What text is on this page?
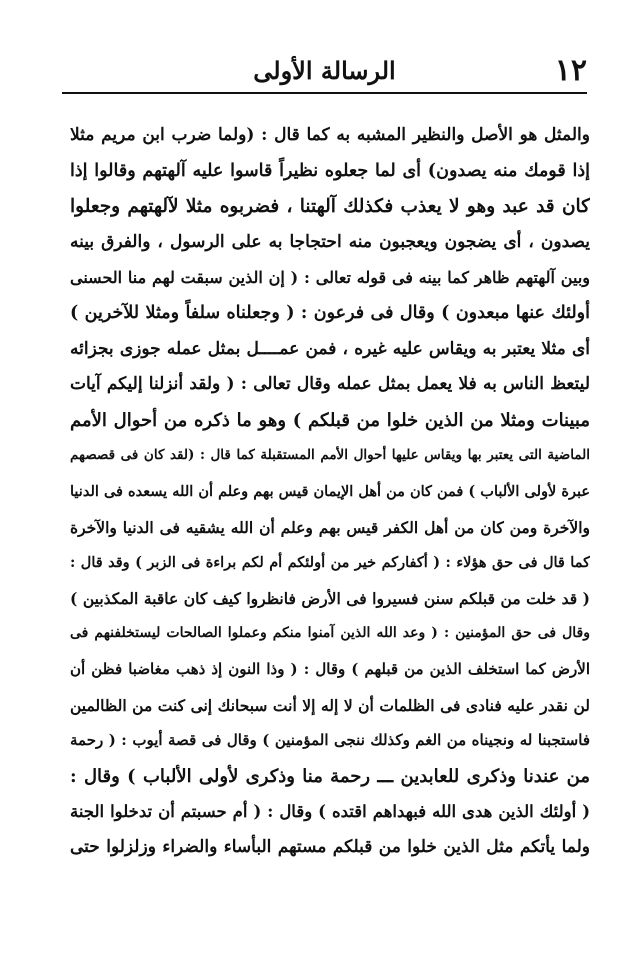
١٢
الرسالة الأولى
والمثل هو الأصل والنظير المشبه به كما قال : (ولما ضرب ابن مريم مثلا
إذا قومك منه يصدون) أى لما جعلوه نظيراً قاسوا عليه آلهتهم وقالوا إذا
كان قد عبد وهو لا يعذب فكذلك آلهتنا ، فضربوه مثلا لآلهتهم وجعلوا
يصدون ، أى يضجون ويعجبون منه احتجاجا به على الرسول ، والفرق بينه
وبين آلهتهم ظاهر كما بينه فى قوله تعالى : ( إن الذين سبقت لهم منا الحسنى
أولئك عنها مبعدون ) وقال فى فرعون : ( وجعلناه سلفاً ومثلا للآخرين )
أى مثلا يعتبر به ويقاس عليه غيره ، فمن عمــــل بمثل عمله جوزى بجزائه
ليتعظ الناس به فلا يعمل بمثل عمله وقال تعالى : ( ولقد أنزلنا إليكم آيات
مبينات ومثلا من الذين خلوا من قبلكم ) وهو ما ذكره من أحوال الأمم
الماضية التى يعتبر بها ويقاس عليها أحوال الأمم المستقبلة كما قال : (لقد كان فى قصصهم
عبرة لأولى الألباب ) فمن كان من أهل الإيمان قيس بهم وعلم أن الله يسعده فى الدنيا
والآخرة ومن كان من أهل الكفر قيس بهم وعلم أن الله يشقيه فى الدنيا والآخرة
كما قال فى حق هؤلاء : ( أكفاركم خير من أولئكم أم لكم براءة فى الزبر ) وقد قال :
( قد خلت من قبلكم سنن فسيروا فى الأرض فانظروا كيف كان عاقبة المكذبين )
وقال فى حق المؤمنين : ( وعد الله الذين آمنوا منكم وعملوا الصالحات ليستخلفنهم فى
الأرض كما استخلف الذين من قبلهم ) وقال : ( وذا النون إذ ذهب مغاضبا فظن أن
لن نقدر عليه فنادى فى الظلمات أن لا إله إلا أنت سبحانك إنى كنت من الظالمين
فاستجبنا له ونجيناه من الغم وكذلك ننجى المؤمنين ) وقال فى قصة أيوب : ( رحمة
من عندنا وذكرى للعابدين ـــ رحمة منا وذكرى لأولى الألباب ) وقال :
( أولئك الذين هدى الله فبهداهم اقتده ) وقال : ( أم حسبتم أن تدخلوا الجنة
ولما يأتكم مثل الذين خلوا من قبلكم مستهم البأساء والضراء وزلزلوا حتى
